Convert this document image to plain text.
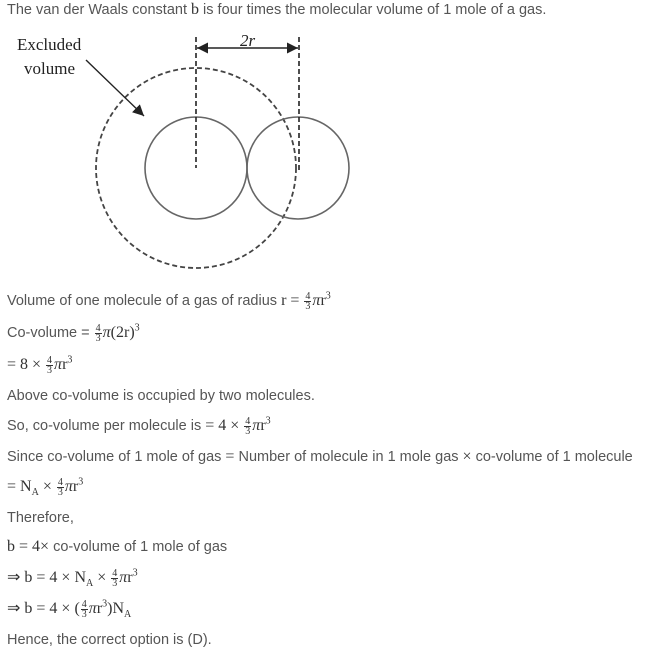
The van der Waals constant b is four times the molecular volume of 1 mole of a gas.
2r
Excluded
volume
Volume of one molecule of a gas of radius $r = \frac{4}{3} \pi r^3$
Co-volume = $\frac{4}{3} \pi(2r)^3$
= $8 \times \frac{4}{3} \pi r^3$
Above co-volume is occupied by two molecules.
So, co-volume per molecule is = $4 \times \frac{4}{3} \pi r^3$
Since co-volume of 1 mole of gas = Number of molecule in 1 mole gas × co-volume of 1 molecule
= $N_A \times \frac{4}{3} \pi r^3$
Therefore,
b = 4× co-volume of 1 mole of gas
⇒ $b = 4 \times N_A \times \frac{4}{3} \pi r^3$
⇒ b = 4 × ( $\frac{4}{3} \pi r^3)N_A$
Hence, the correct option is (D).
